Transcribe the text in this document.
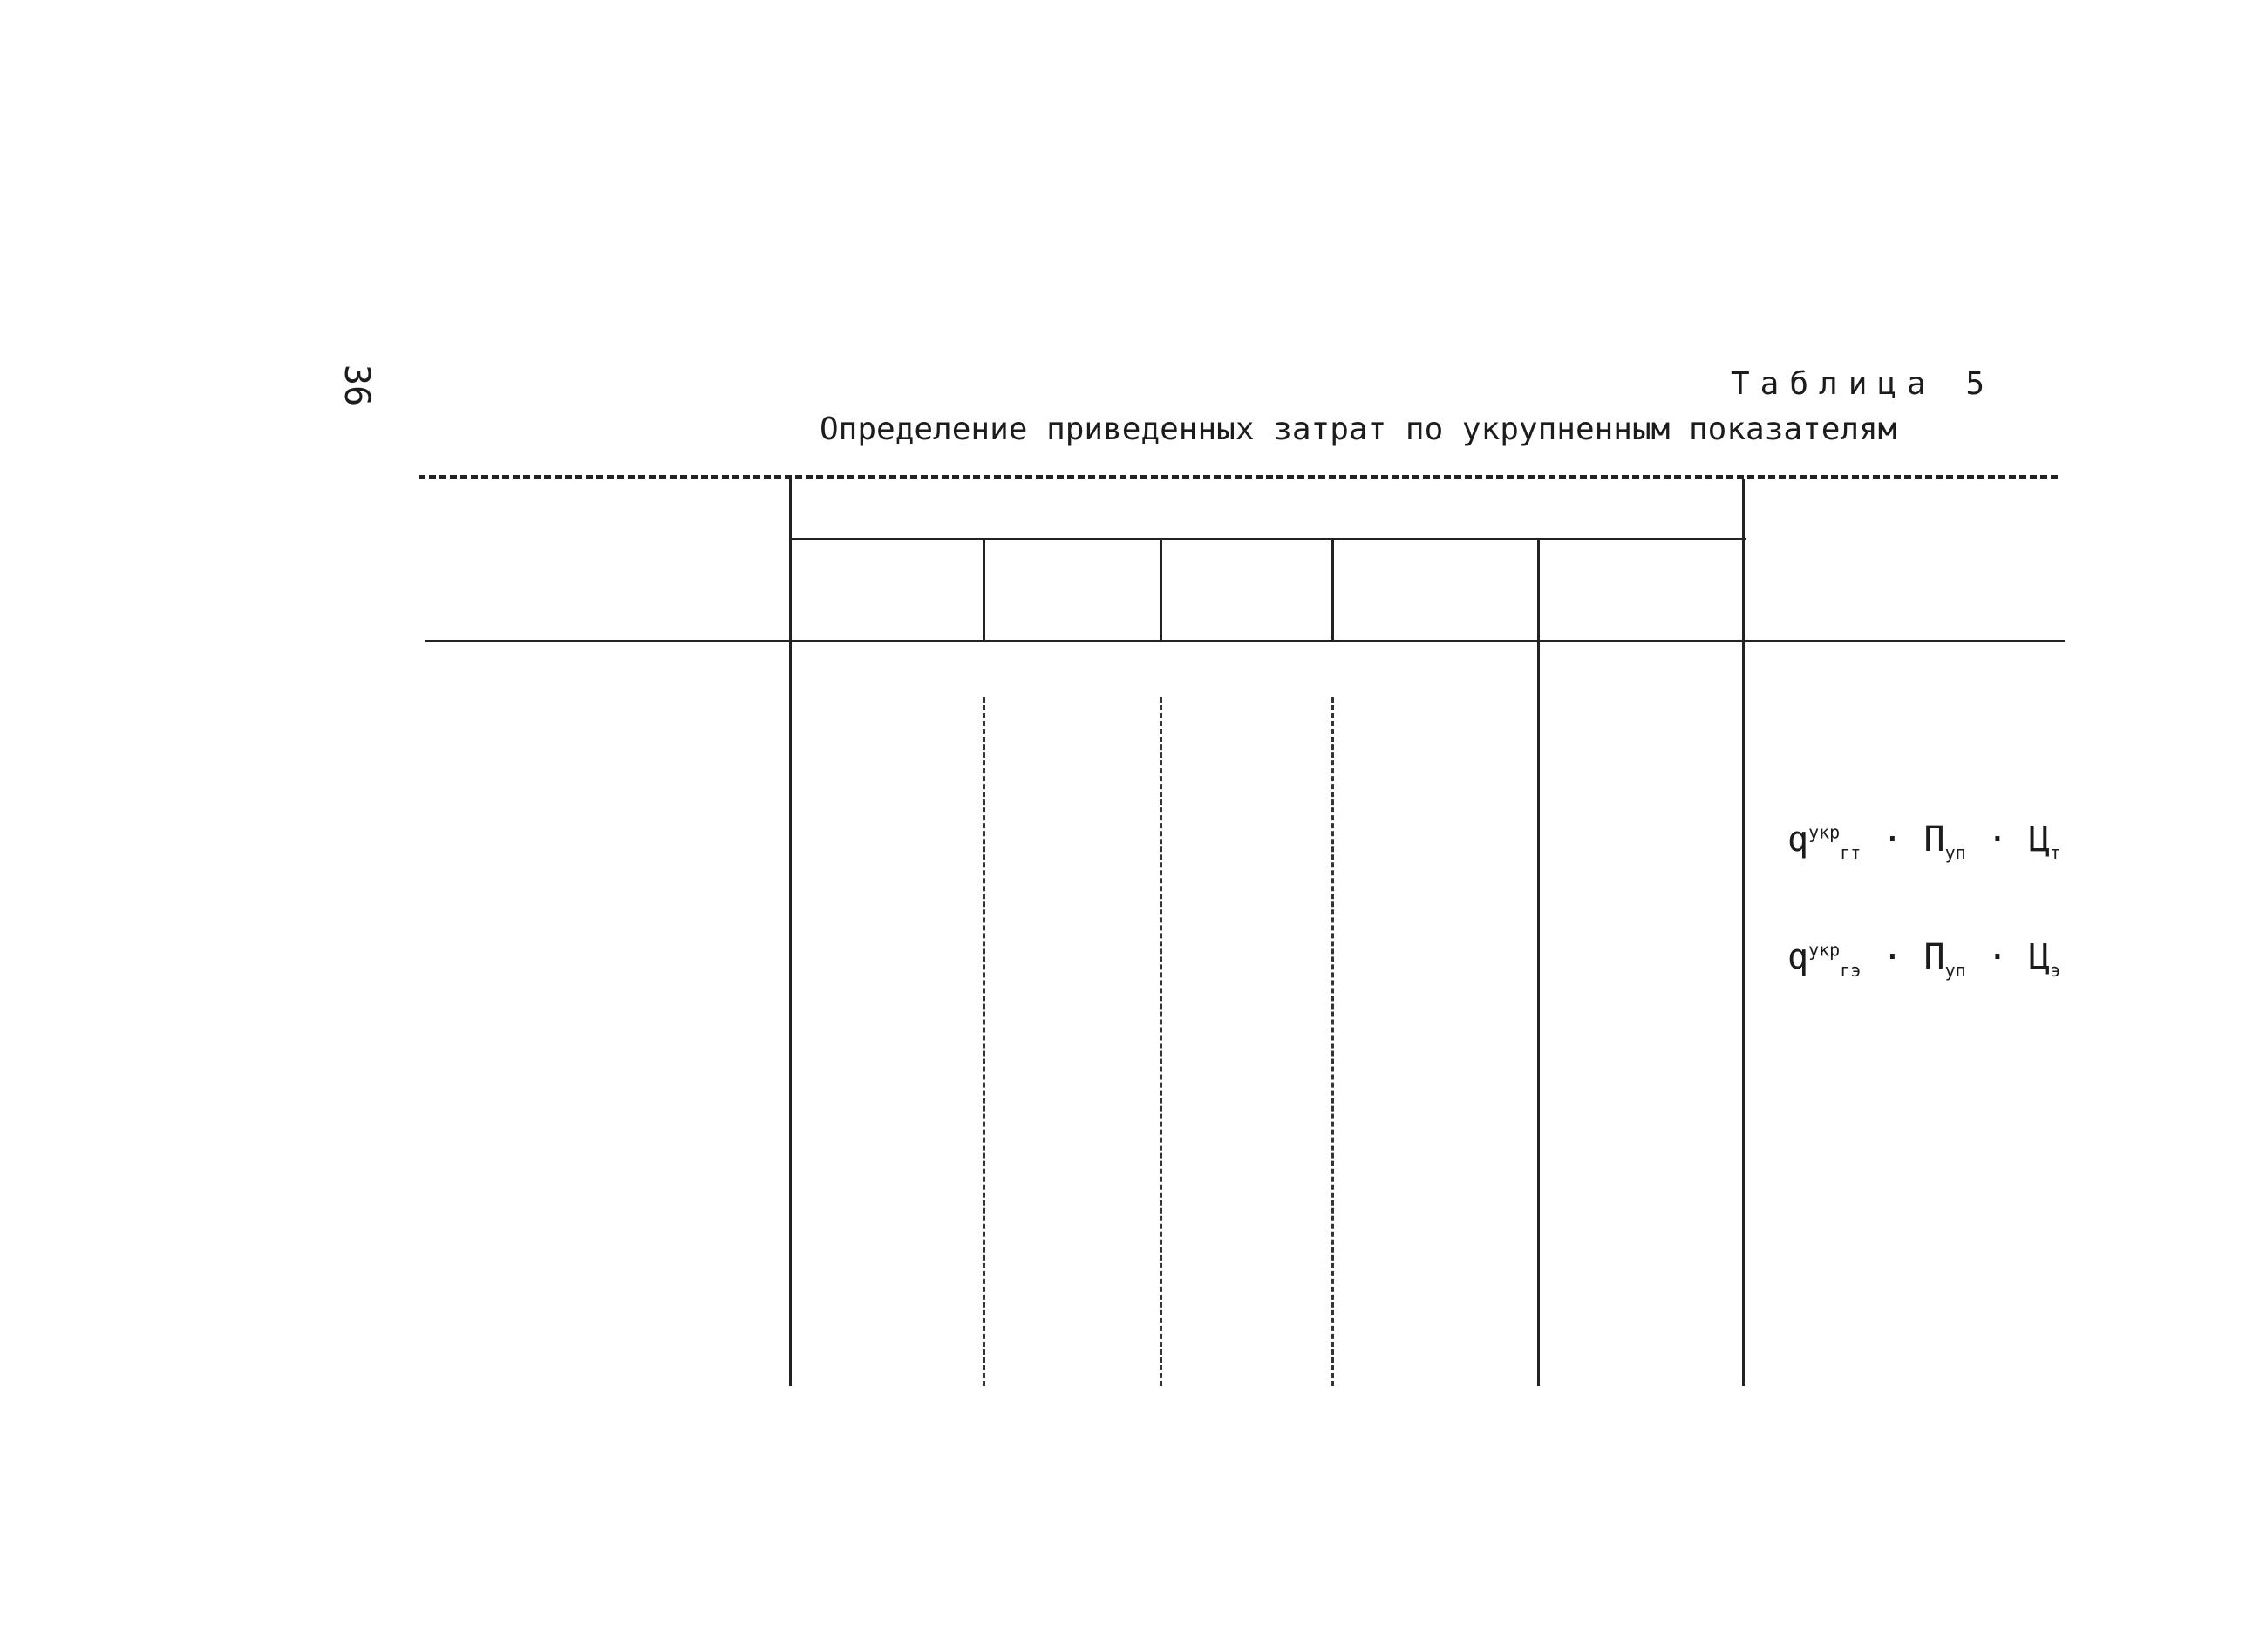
36	Таблица 5
Определение приведенных затрат по укрупненным показателям
$q^{укр}_{гт} \cdot П_{уп} \cdot Ц_т$
$q^{укр}_{гэ} \cdot П_{уп} \cdot Ц_э$
